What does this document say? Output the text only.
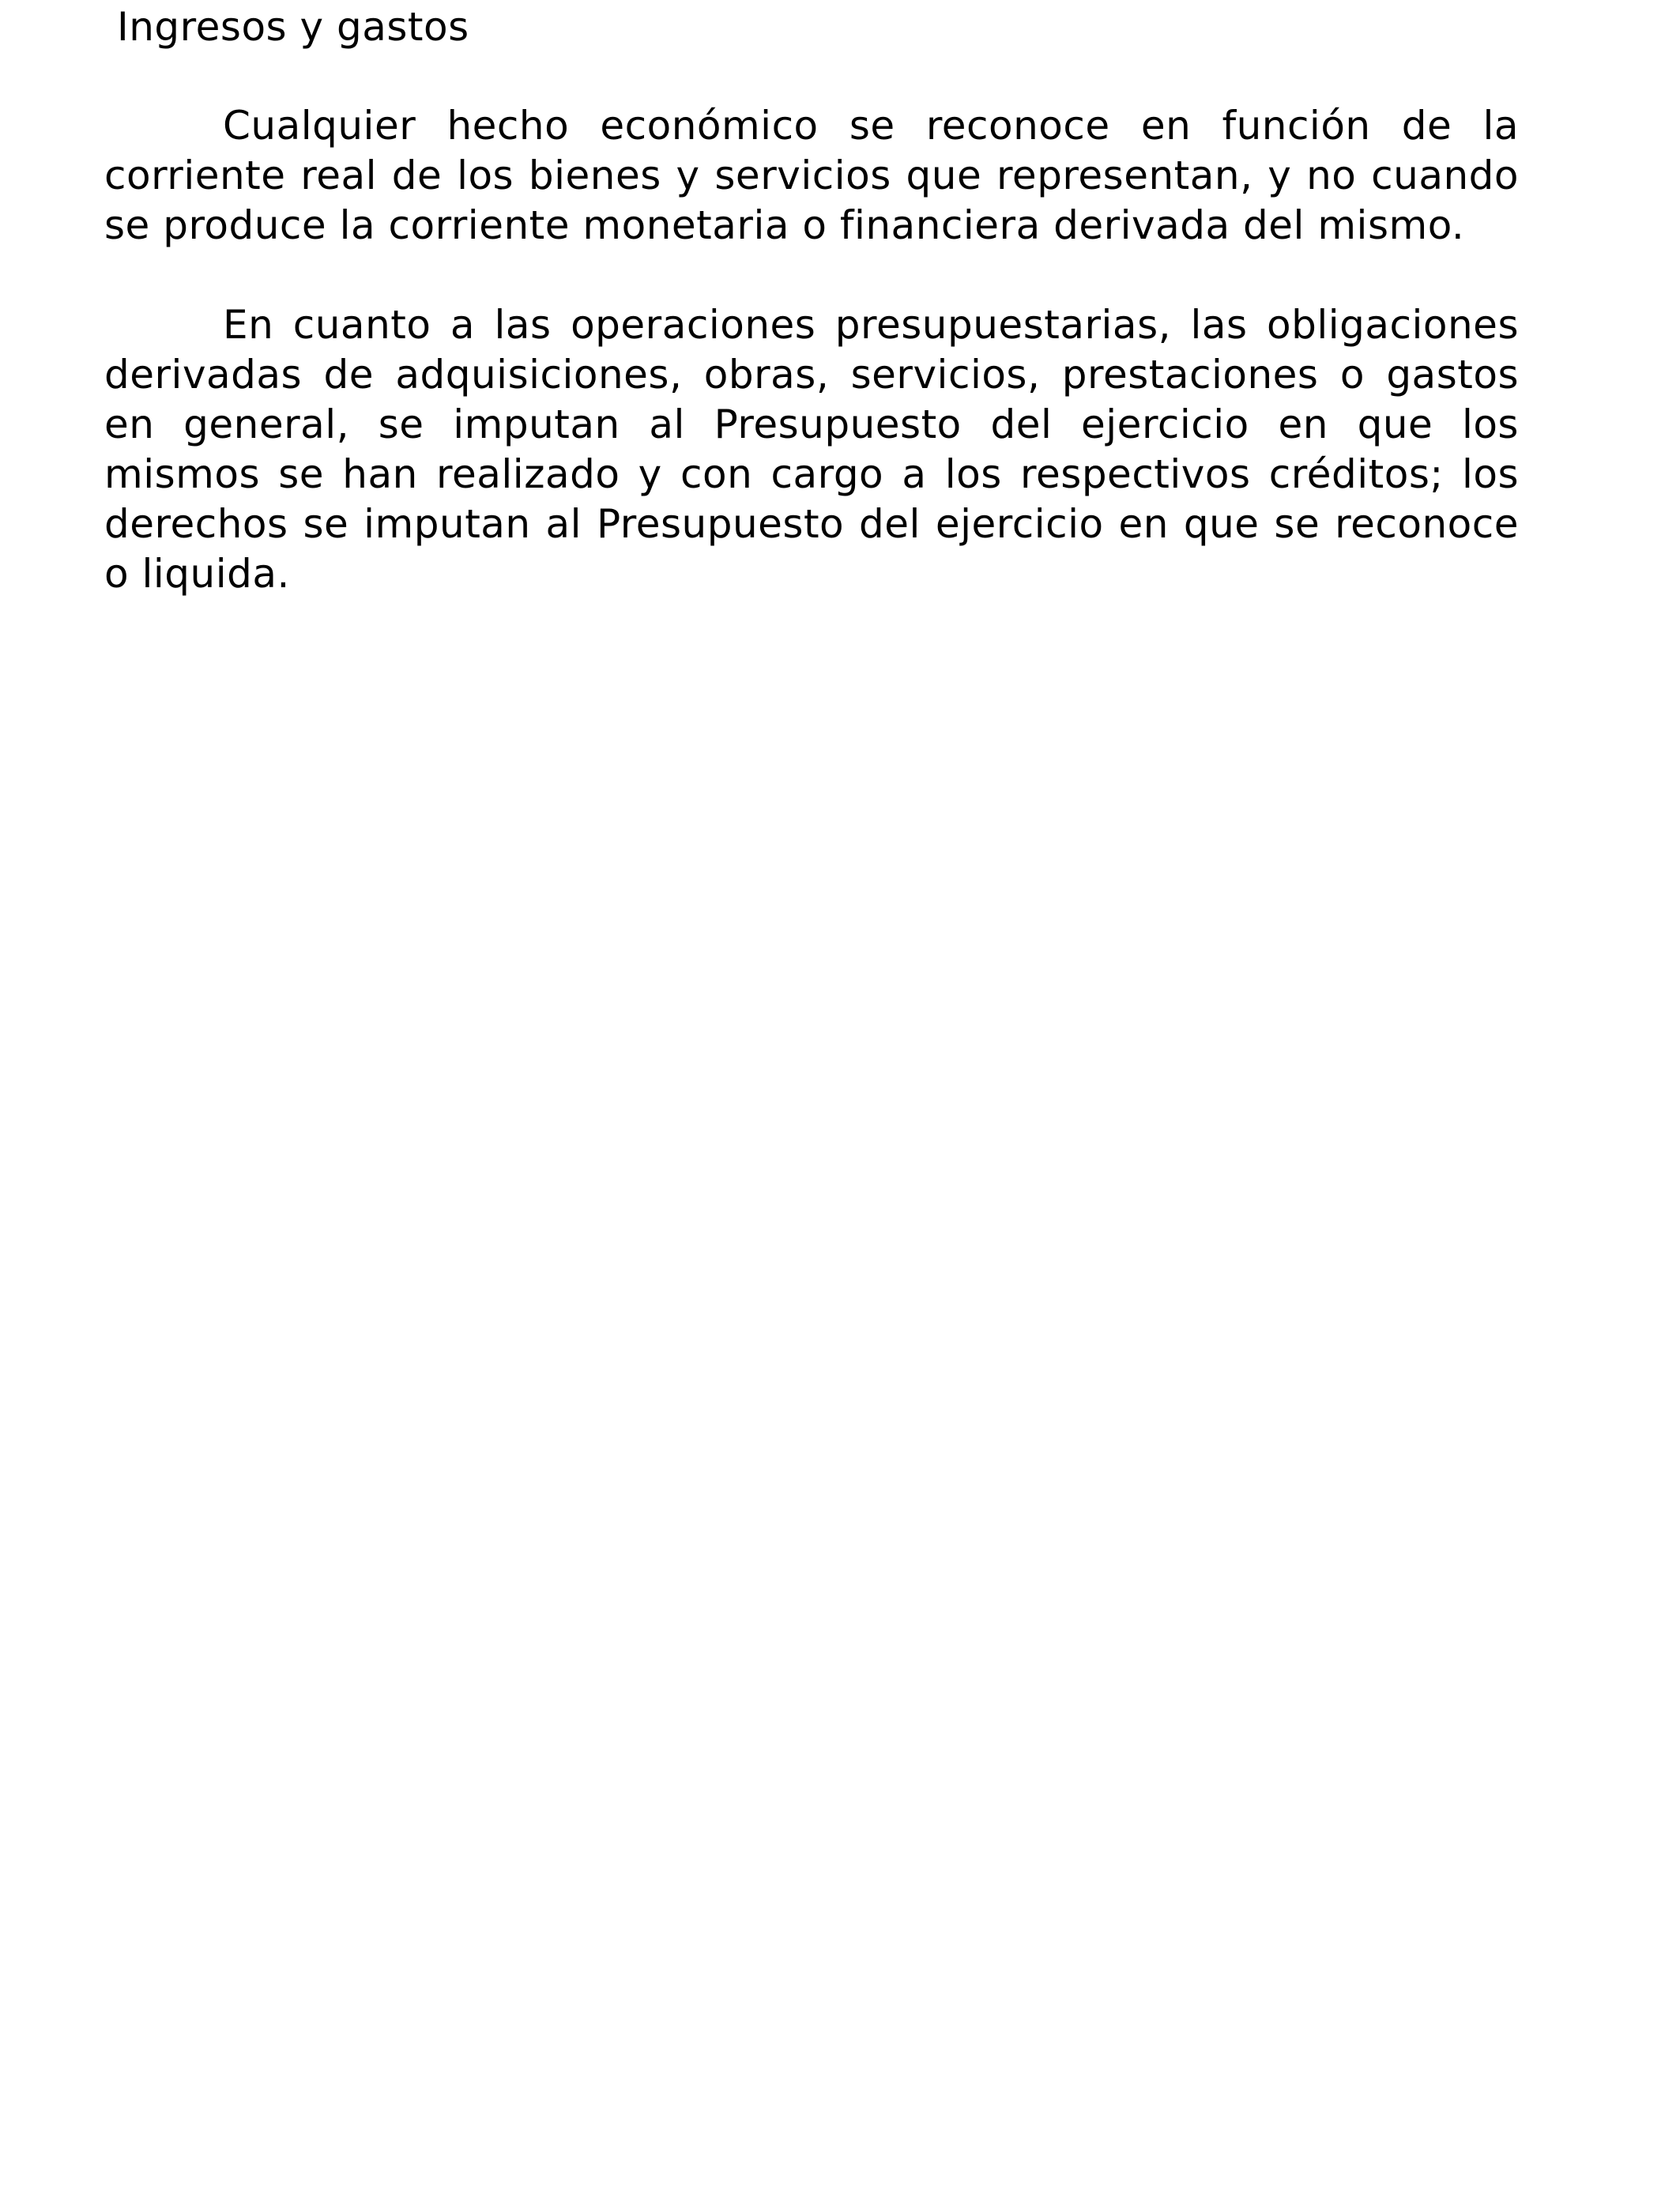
Ingresos y gastos

Cualquier hecho económico se reconoce en función de la corriente real de los bienes y servicios que representan, y no cuando se produce la corriente monetaria o financiera derivada del mismo.

En cuanto a las operaciones presupuestarias, las obligaciones derivadas de adquisiciones, obras, servicios, prestaciones o gastos en general, se imputan al Presupuesto del ejercicio en que los mismos se han realizado y con cargo a los respectivos créditos; los derechos se imputan al Presupuesto del ejercicio en que se reconoce o liquida.
